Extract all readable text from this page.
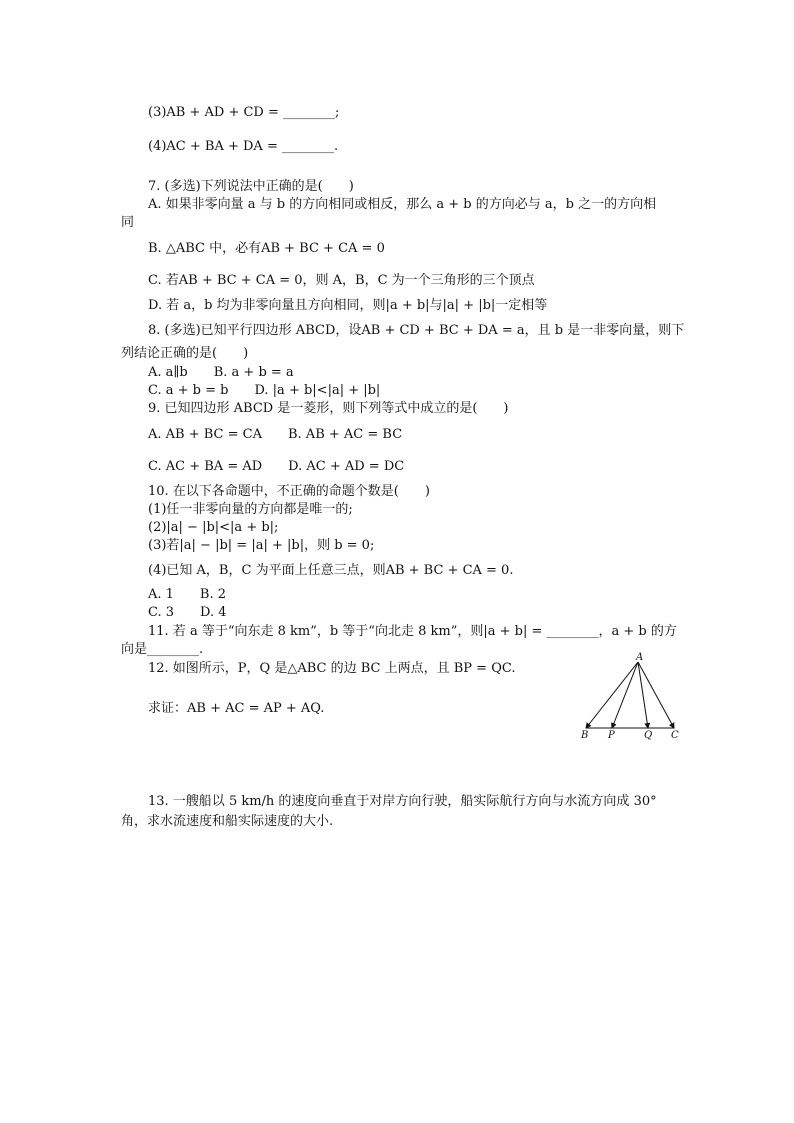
(3)AB + AD + CD = ________;
(4)AC + BA + DA = ________.
7. (多选)下列说法中正确的是(　　)
A. 如果非零向量 a 与 b 的方向相同或相反，那么 a + b 的方向必与 a，b 之一的方向相
同
B. △ABC 中，必有AB + BC + CA = 0
C. 若AB + BC + CA = 0，则 A，B，C 为一个三角形的三个顶点
D. 若 a，b 均为非零向量且方向相同，则|a + b|与|a| + |b|一定相等
8. (多选)已知平行四边形 ABCD，设AB + CD + BC + DA = a，且 b 是一非零向量，则下
列结论正确的是(　　)
A. a∥b　　B. a + b = a
C. a + b = b　　D. |a + b|<|a| + |b|
9. 已知四边形 ABCD 是一菱形，则下列等式中成立的是(　　)
A. AB + BC = CA　　B. AB + AC = BC
C. AC + BA = AD　　D. AC + AD = DC
10. 在以下各命题中，不正确的命题个数是(　　)
(1)任一非零向量的方向都是唯一的;
(2)|a| − |b|<|a + b|;
(3)若|a| − |b| = |a| + |b|，则 b = 0;
(4)已知 A，B，C 为平面上任意三点，则AB + BC + CA = 0.
A. 1　　B. 2
C. 3　　D. 4
11. 若 a 等于“向东走 8 km”，b 等于“向北走 8 km”，则|a + b| = ________，a + b 的方
向是________.
12. 如图所示，P，Q 是△ABC 的边 BC 上两点，且 BP = QC.
求证：AB + AC = AP + AQ.
A
B P	Q C
13. 一艘船以 5 km/h 的速度向垂直于对岸方向行驶，船实际航行方向与水流方向成 30°
角，求水流速度和船实际速度的大小.
